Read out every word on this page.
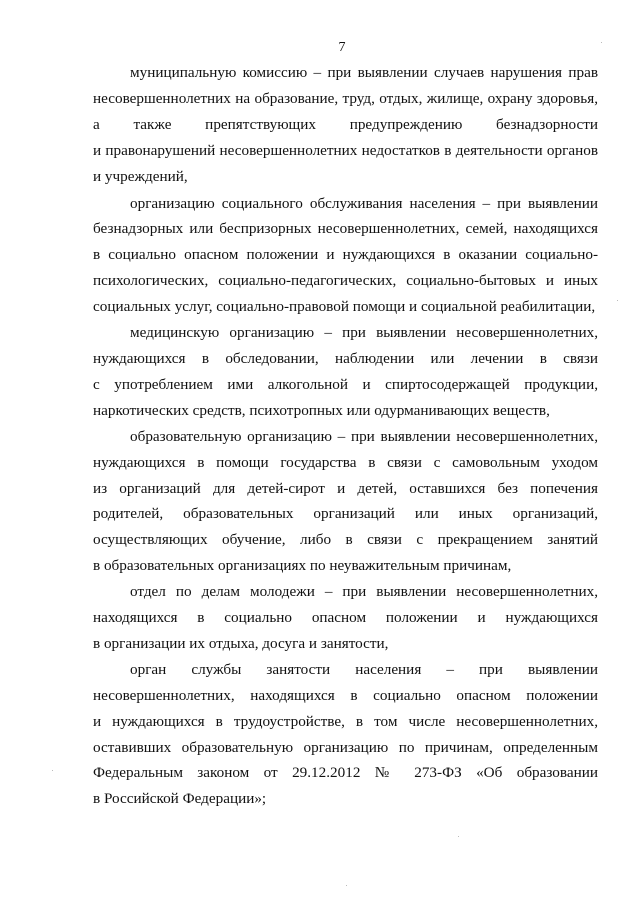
7

муниципальную комиссию – при выявлении случаев нарушения прав
несовершеннолетних на образование, труд, отдых, жилище, охрану здоровья,
а также препятствующих предупреждению безнадзорности
и правонарушений несовершеннолетних недостатков в деятельности органов
и учреждений,

организацию социального обслуживания населения – при выявлении
безнадзорных или беспризорных несовершеннолетних, семей, находящихся
в социально опасном положении и нуждающихся в оказании социально-
психологических, социально-педагогических, социально-бытовых и иных
социальных услуг, социально-правовой помощи и социальной реабилитации,

медицинскую организацию – при выявлении несовершеннолетних,
нуждающихся в обследовании, наблюдении или лечении в связи
с употреблением ими алкогольной и спиртосодержащей продукции,
наркотических средств, психотропных или одурманивающих веществ,

образовательную организацию – при выявлении несовершеннолетних,
нуждающихся в помощи государства в связи с самовольным уходом
из организаций для детей-сирот и детей, оставшихся без попечения
родителей, образовательных организаций или иных организаций,
осуществляющих обучение, либо в связи с прекращением занятий
в образовательных организациях по неуважительным причинам,

отдел по делам молодежи – при выявлении несовершеннолетних,
находящихся в социально опасном положении и нуждающихся
в организации их отдыха, досуга и занятости,

орган службы занятости населения – при выявлении
несовершеннолетних, находящихся в социально опасном положении
и нуждающихся в трудоустройстве, в том числе несовершеннолетних,
оставивших образовательную организацию по причинам, определенным
Федеральным законом от 29.12.2012 № 273-ФЗ «Об образовании
в Российской Федерации»;
